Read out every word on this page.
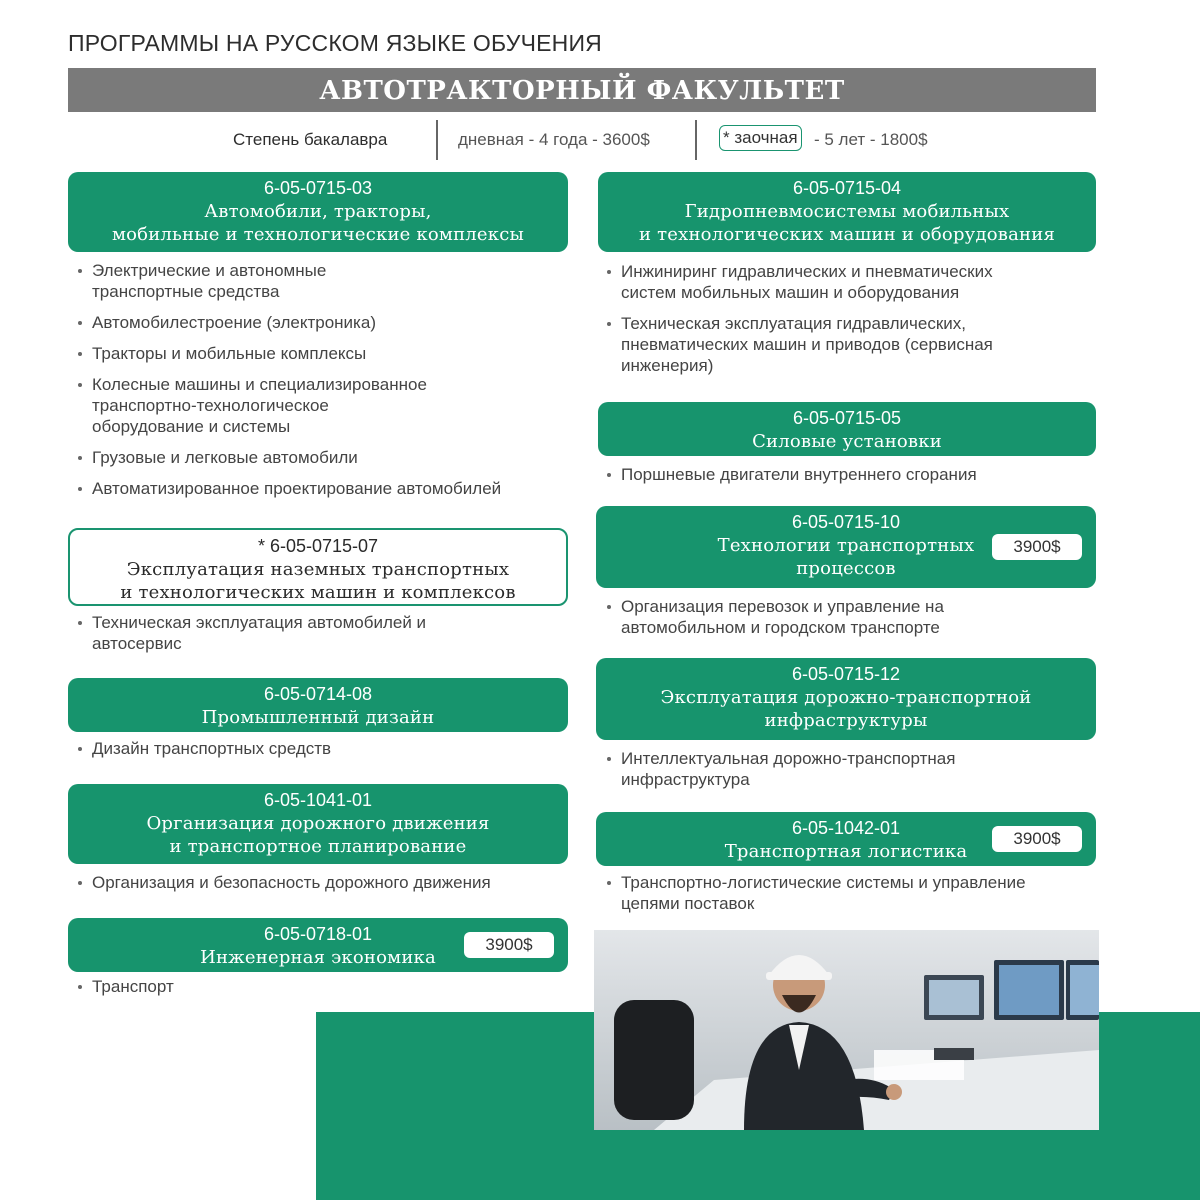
ПРОГРАММЫ НА РУССКОМ ЯЗЫКЕ ОБУЧЕНИЯ
АВТОТРАКТОРНЫЙ ФАКУЛЬТЕТ
Степень бакалавра	дневная - 4 года - 3600$	* заочная - 5 лет - 1800$
6-05-0715-03
Автомобили, тракторы,
мобильные и технологические комплексы
Электрические и автономные
транспортные средства
Автомобилестроение (электроника)
Тракторы и мобильные комплексы
Колесные машины и специализированное
транспортно-технологическое
оборудование и системы
Грузовые и легковые автомобили
Автоматизированное проектирование автомобилей
* 6-05-0715-07
Эксплуатация наземных транспортных
и технологических машин и комплексов
Техническая эксплуатация автомобилей и
автосервис
6-05-0714-08
Промышленный дизайн
Дизайн транспортных средств
6-05-1041-01
Организация дорожного движения
и транспортное планирование
Организация и безопасность дорожного движения
6-05-0718-01
Инженерная экономика
3900$
Транспорт
6-05-0715-04
Гидропневмосистемы мобильных
и технологических машин и оборудования
Инжиниринг гидравлических и пневматических
систем мобильных машин и оборудования
Техническая эксплуатация гидравлических,
пневматических машин и приводов (сервисная
инженерия)
6-05-0715-05
Силовые установки
Поршневые двигатели внутреннего сгорания
6-05-0715-10
Технологии транспортных
процессов
3900$
Организация перевозок и управление на
автомобильном и городском транспорте
6-05-0715-12
Эксплуатация дорожно-транспортной
инфраструктуры
Интеллектуальная дорожно-транспортная
инфраструктура
6-05-1042-01
Транспортная логистика
3900$
Транспортно-логистические системы и управление
цепями поставок
